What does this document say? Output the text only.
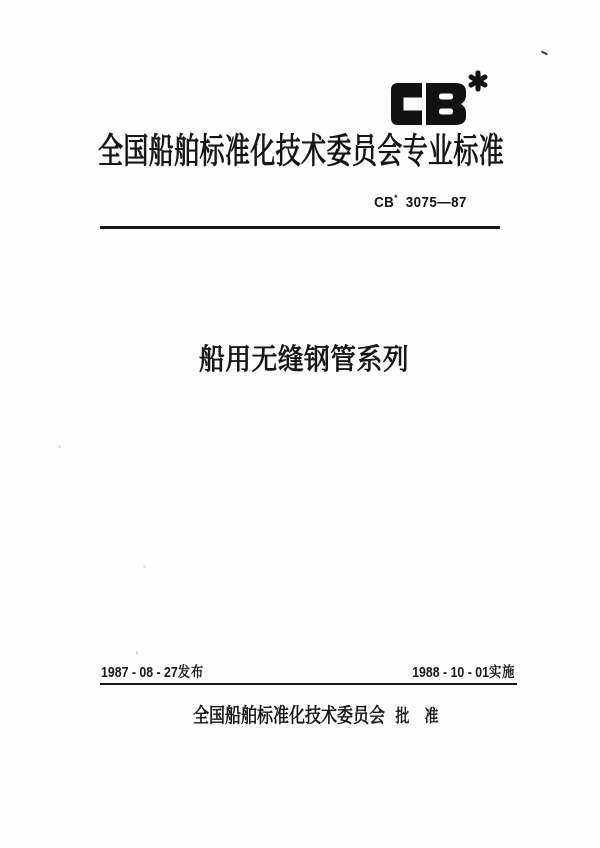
全国船舶标准化技术委员会专业标准
CB* 3075—87
船用无缝钢管系列
1987 - 08 - 27发布	1988 - 10 - 01实施
全国船舶标准化技术委员会 批 准
